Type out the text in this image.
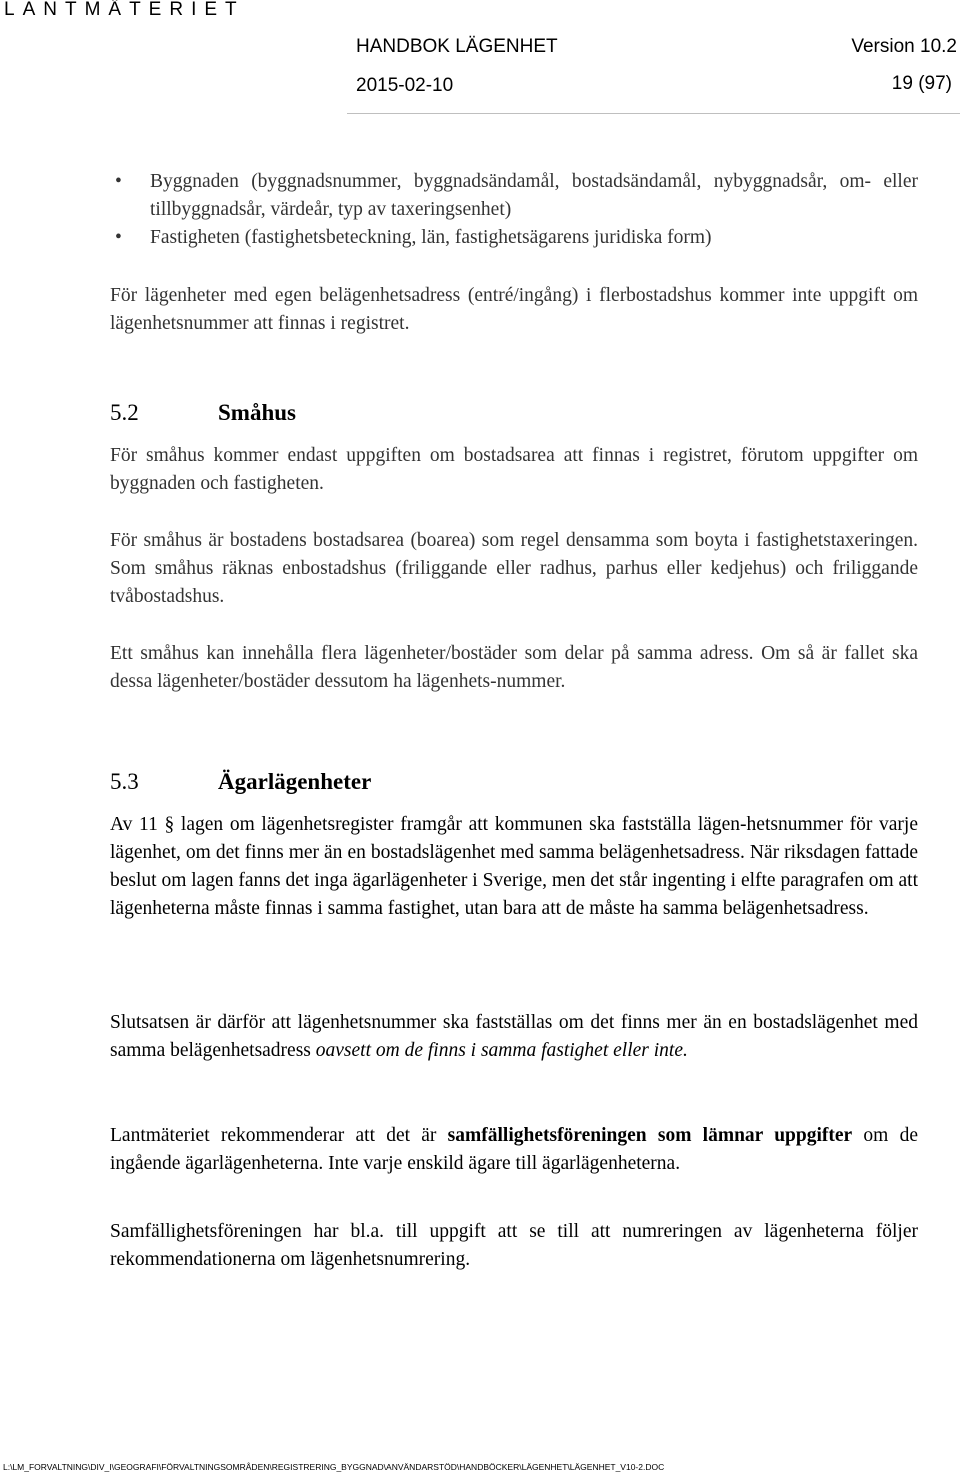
LANTMÄTERIET
HANDBOK LÄGENHET	Version 10.2
2015-02-10	19 (97)
• Byggnaden (byggnadsnummer, byggnadsändamål, bostadsändamål, nybyggnadsår, om- eller tillbyggnadsår, värdeår, typ av taxeringsenhet)
• Fastigheten (fastighetsbeteckning, län, fastighetsägarens juridiska form)

För lägenheter med egen belägenhetsadress (entré/ingång) i flerbostadshus kommer inte uppgift om lägenhetsnummer att finnas i registret.

5.2	Småhus

För småhus kommer endast uppgiften om bostadsarea att finnas i registret, förutom uppgifter om byggnaden och fastigheten.

För småhus är bostadens bostadsarea (boarea) som regel densamma som boyta i fastighetstaxeringen. Som småhus räknas enbostadshus (friliggande eller radhus, parhus eller kedjehus) och friliggande tvåbostadshus.

Ett småhus kan innehålla flera lägenheter/bostäder som delar på samma adress. Om så är fallet ska dessa lägenheter/bostäder dessutom ha lägenhets-nummer.

5.3	Ägarlägenheter

Av 11 § lagen om lägenhetsregister framgår att kommunen ska fastställa lägen-hetsnummer för varje lägenhet, om det finns mer än en bostadslägenhet med samma belägenhetsadress. När riksdagen fattade beslut om lagen fanns det inga ägarlägenheter i Sverige, men det står ingenting i elfte paragrafen om att lägenheterna måste finnas i samma fastighet, utan bara att de måste ha samma belägenhetsadress.

Slutsatsen är därför att lägenhetsnummer ska fastställas om det finns mer än en bostadslägenhet med samma belägenhetsadress oavsett om de finns i samma fastighet eller inte.

Lantmäteriet rekommenderar att det är samfällighetsföreningen som lämnar uppgifter om de ingående ägarlägenheterna. Inte varje enskild ägare till ägarlägenheterna.

Samfällighetsföreningen har bl.a. till uppgift att se till att numreringen av lägenheterna följer rekommendationerna om lägenhetsnumrering.

L:\LM_FORVALTNING\DIV_I\GEOGRAFI\FÖRVALTNINGSOMRÅDEN\REGISTRERING_BYGGNAD\ANVÄNDARSTÖD\HANDBÖCKER\LÄGENHET\LÄGENHET_V10-2.DOC
